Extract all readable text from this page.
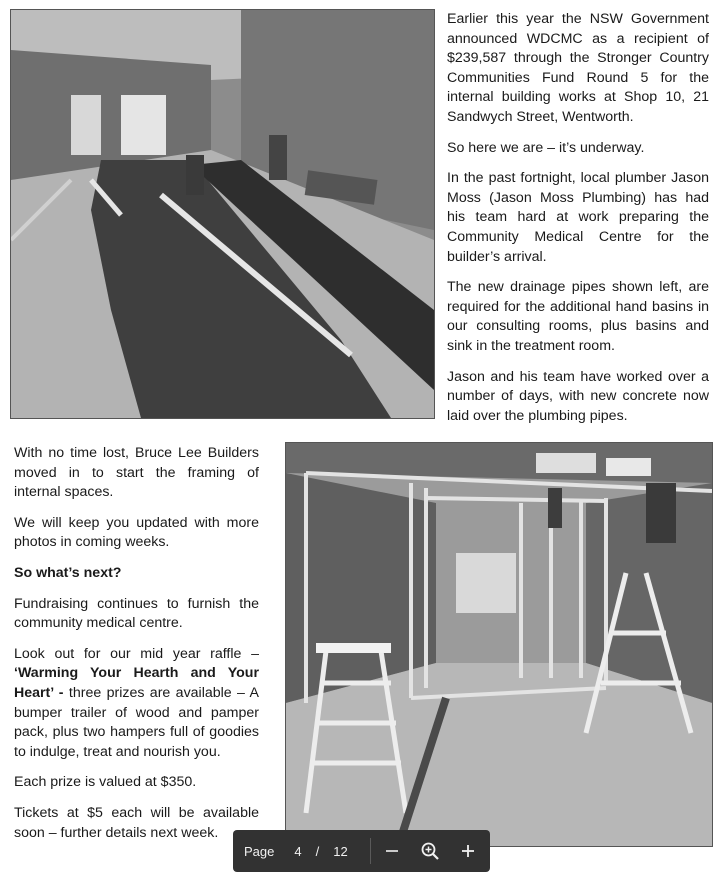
Earlier this year the NSW Government announced WDCMC as a recipient of $239,587 through the Stronger Country Communities Fund Round 5 for the internal building works at Shop 10, 21 Sandwych Street, Wentworth.

So here we are – it’s underway.

In the past fortnight, local plumber Jason Moss (Jason Moss Plumbing) has had his team hard at work preparing the Community Medical Centre for the builder’s arrival.

The new drainage pipes shown left, are required for the additional hand basins in our consulting rooms, plus basins and sink in the treatment room.

Jason and his team have worked over a number of days, with new concrete now laid over the plumbing pipes.

With no time lost, Bruce Lee Builders moved in to start the framing of internal spaces.

We will keep you updated with more photos in coming weeks.

So what’s next?

Fundraising continues to furnish the community medical centre.

Look out for our mid year raffle – ‘Warming Your Hearth and Your Heart’ - three prizes are available – A bumper trailer of wood and pamper pack, plus two hampers full of goodies to indulge, treat and nourish you.

Each prize is valued at $350.

Tickets at $5 each will be available soon – further details next week.

Page 4 / 12
